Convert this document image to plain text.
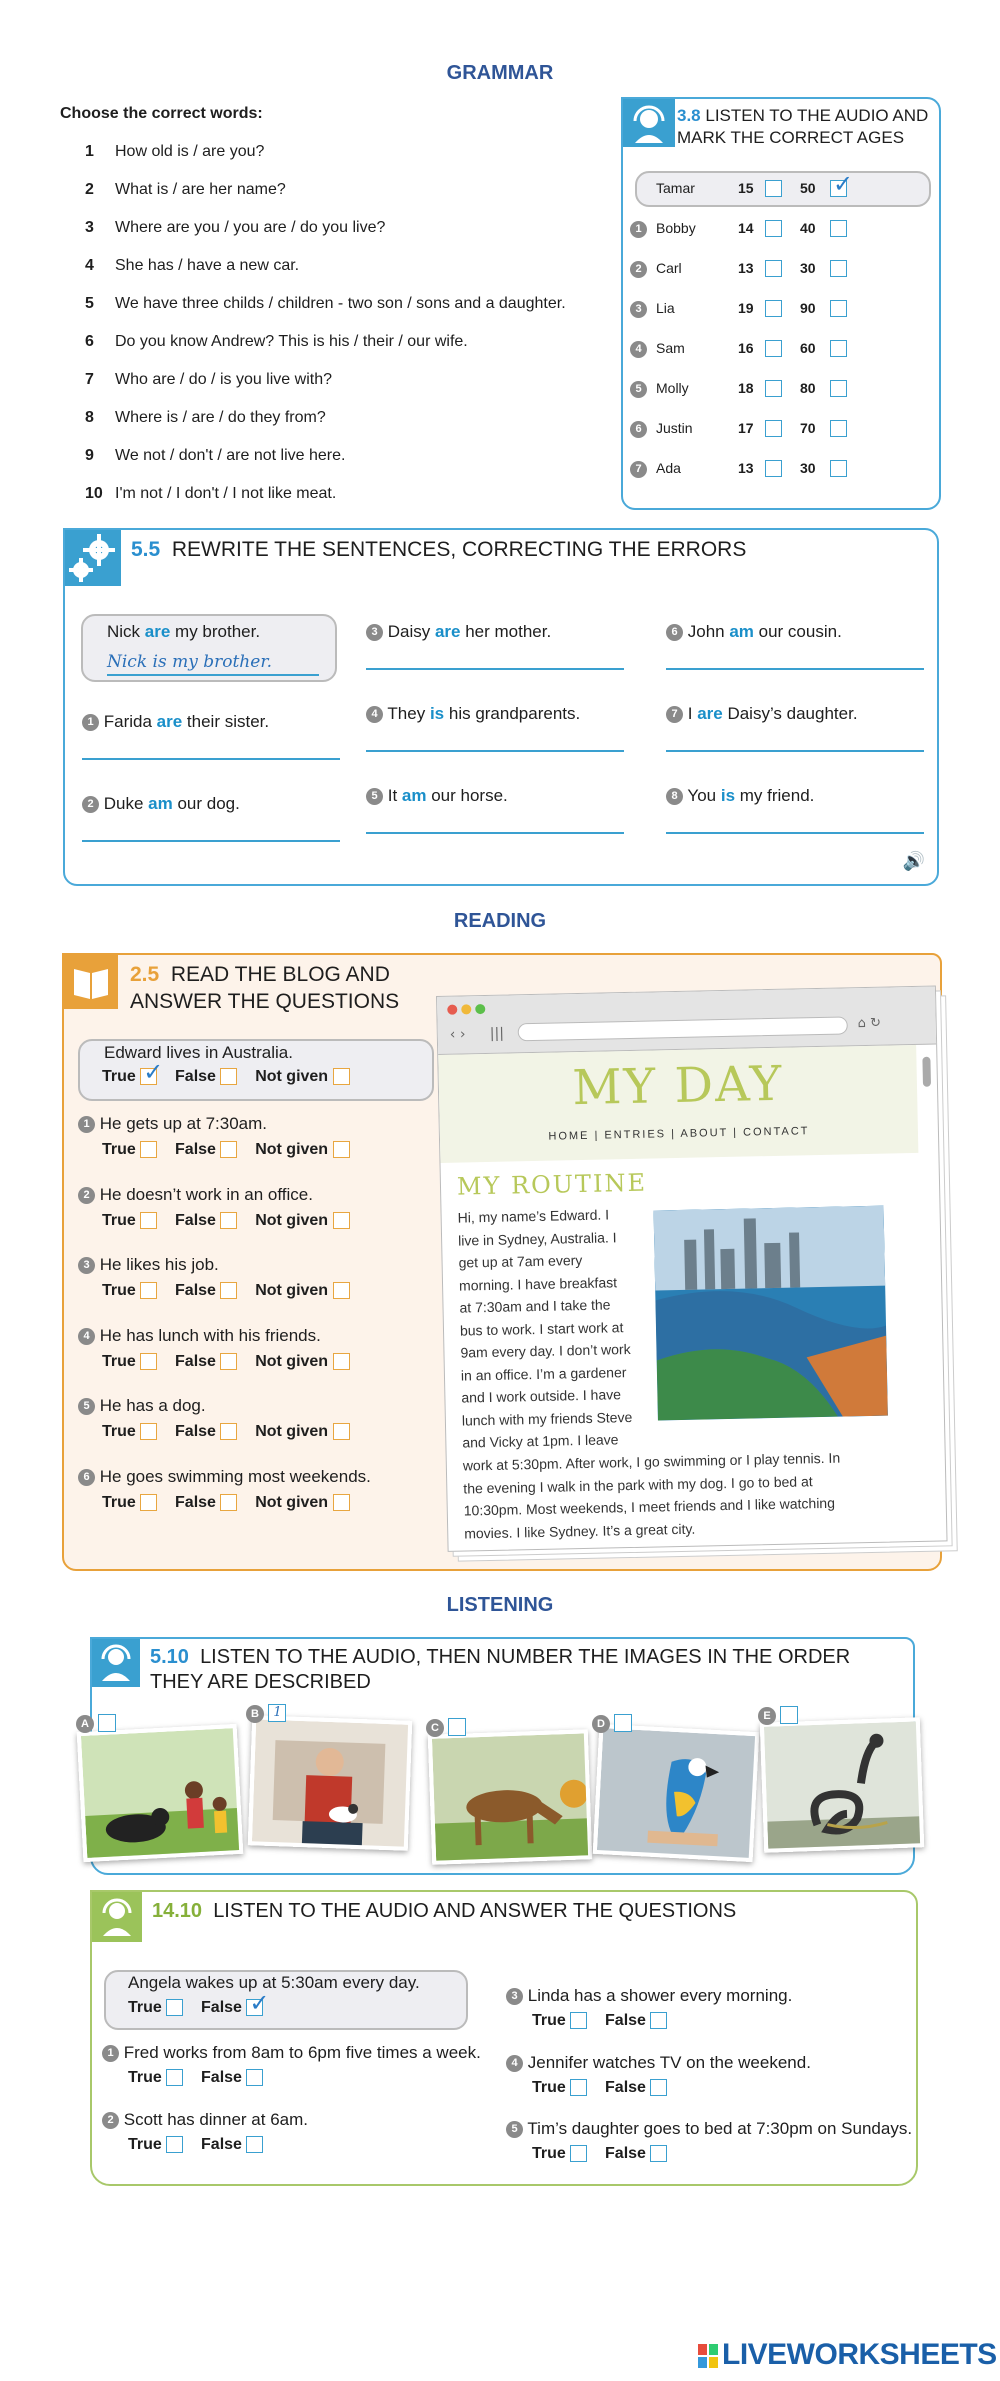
GRAMMAR
Choose the correct words:
1 How old is / are you?
2 What is / are her name?
3 Where are you / you are / do you live?
4 She has / have a new car.
5 We have three childs / children - two son / sons and a daughter.
6 Do you know Andrew? This is his / their / our wife.
7 Who are / do / is you live with?
8 Where is / are / do they from?
9 We not / don't / are not live here.
10 I'm not / I don't / I not like meat.
3.8 LISTEN TO THE AUDIO AND
MARK THE CORRECT AGES
Tamar	15	50 ✓
1	Bobby	14	40
2	Carl	13	30
3	Lia	19	90
4	Sam	16	60
5	Molly	18	80
6	Justin	17	70
7	Ada	13	30
5.5 REWRITE THE SENTENCES, CORRECTING THE ERRORS
🔊
Nick are my brother.
Nick is my brother.
1 Farida are their sister.
2 Duke am our dog.
3 Daisy are her mother.
4 They is his grandparents.
5 It am our horse.
6 John am our cousin.
7 I are Daisy’s daughter.
8 You is my friend.
READING
2.5 READ THE BLOG AND
ANSWER THE QUESTIONS
Edward lives in Australia.
True ✓ False Not given
1 He gets up at 7:30am.
True False Not given
2 He doesn’t work in an office.
True False Not given
3 He likes his job.
True False Not given
4 He has lunch with his friends.
True False Not given
5 He has a dog.
True False Not given
6 He goes swimming most weekends.
True False Not given
‹ › |||
⌂ ↻
MY DAY
HOME | ENTRIES | ABOUT | CONTACT
MY ROUTINE
Hi, my name’s Edward. I
live in Sydney, Australia. I
get up at 7am every
morning. I have breakfast
at 7:30am and I take the
bus to work. I start work at
9am every day. I don’t work
in an office. I’m a gardener
and I work outside. I have
lunch with my friends Steve
and Vicky at 1pm. I leave
work at 5:30pm. After work, I go swimming or I play tennis. In
the evening I walk in the park with my dog. I go to bed at
10:30pm. Most weekends, I meet friends and I like watching
movies. I like Sydney. It’s a great city.
LISTENING
5.10 LISTEN TO THE AUDIO, THEN NUMBER THE IMAGES IN THE ORDER
THEY ARE DESCRIBED
A
B 1
C	D
E
14.10 LISTEN TO THE AUDIO AND ANSWER THE QUESTIONS
Angela wakes up at 5:30am every day.
True False ✓
1 Fred works from 8am to 6pm five times a week.
True False
2 Scott has dinner at 6am.
True False
3 Linda has a shower every morning.
True False
4 Jennifer watches TV on the weekend.
True False
5 Tim’s daughter goes to bed at 7:30pm on Sundays.
True False
LIVEWORKSHEETS
